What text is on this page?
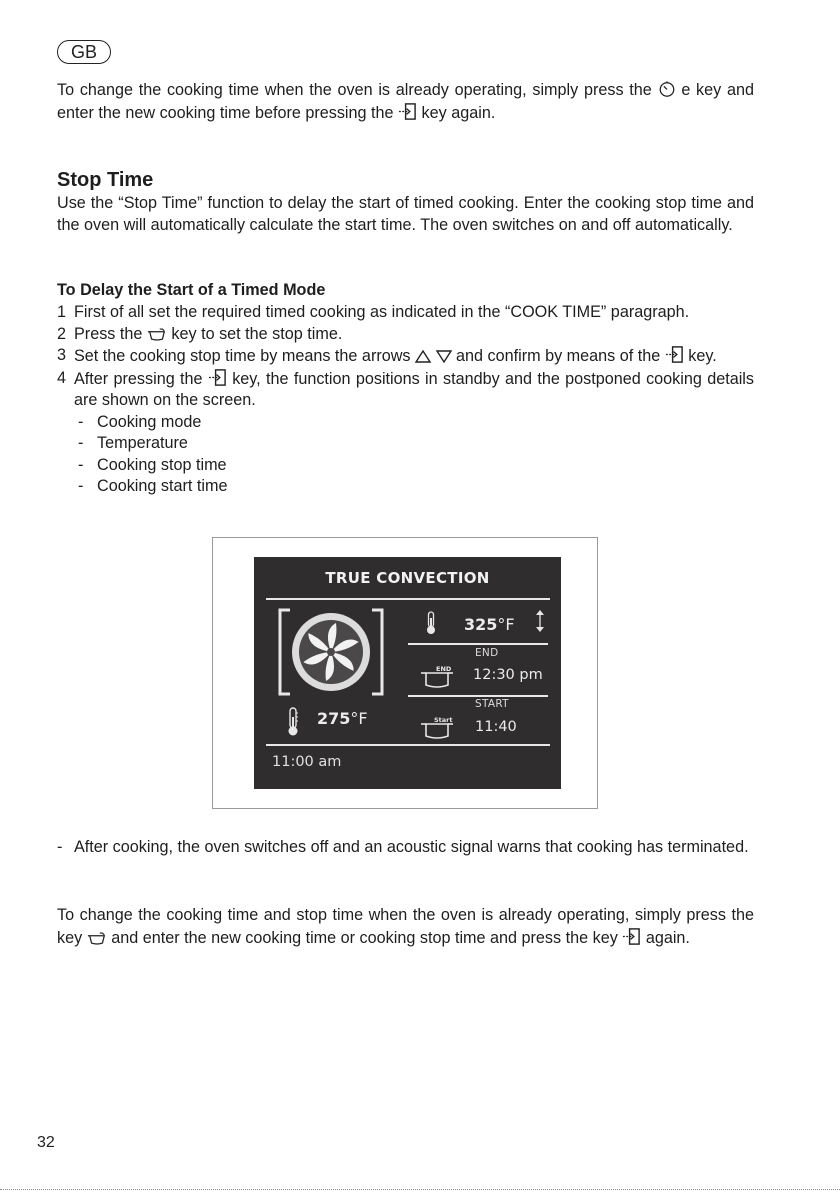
GB
To change the cooking time when the oven is already operating, simply press the e key and enter the new cooking time before pressing the key again.
Stop Time
Use the “Stop Time” function to delay the start of timed cooking. Enter the cooking stop time and the oven will automatically calculate the start time. The oven switches on and off automatically.
To Delay the Start of a Timed Mode
1 First of all set the required timed cooking as indicated in the “COOK TIME” paragraph.
2 Press the key to set the stop time.
3 Set the cooking stop time by means the arrows	and confirm by means of the key.
4 After pressing the key, the function positions in standby and the postponed cooking details are shown on the screen.
- Cooking mode
- Temperature
- Cooking stop time
- Cooking start time
TRUE CONVECTION
325°F
END
END 12:30 pm
START
Start 11:40
275°F
11:00 am
- After cooking, the oven switches off and an acoustic signal warns that cooking has terminated.
To change the cooking time and stop time when the oven is already operating, simply press the key and enter the new cooking time or cooking stop time and press the key again.
32
